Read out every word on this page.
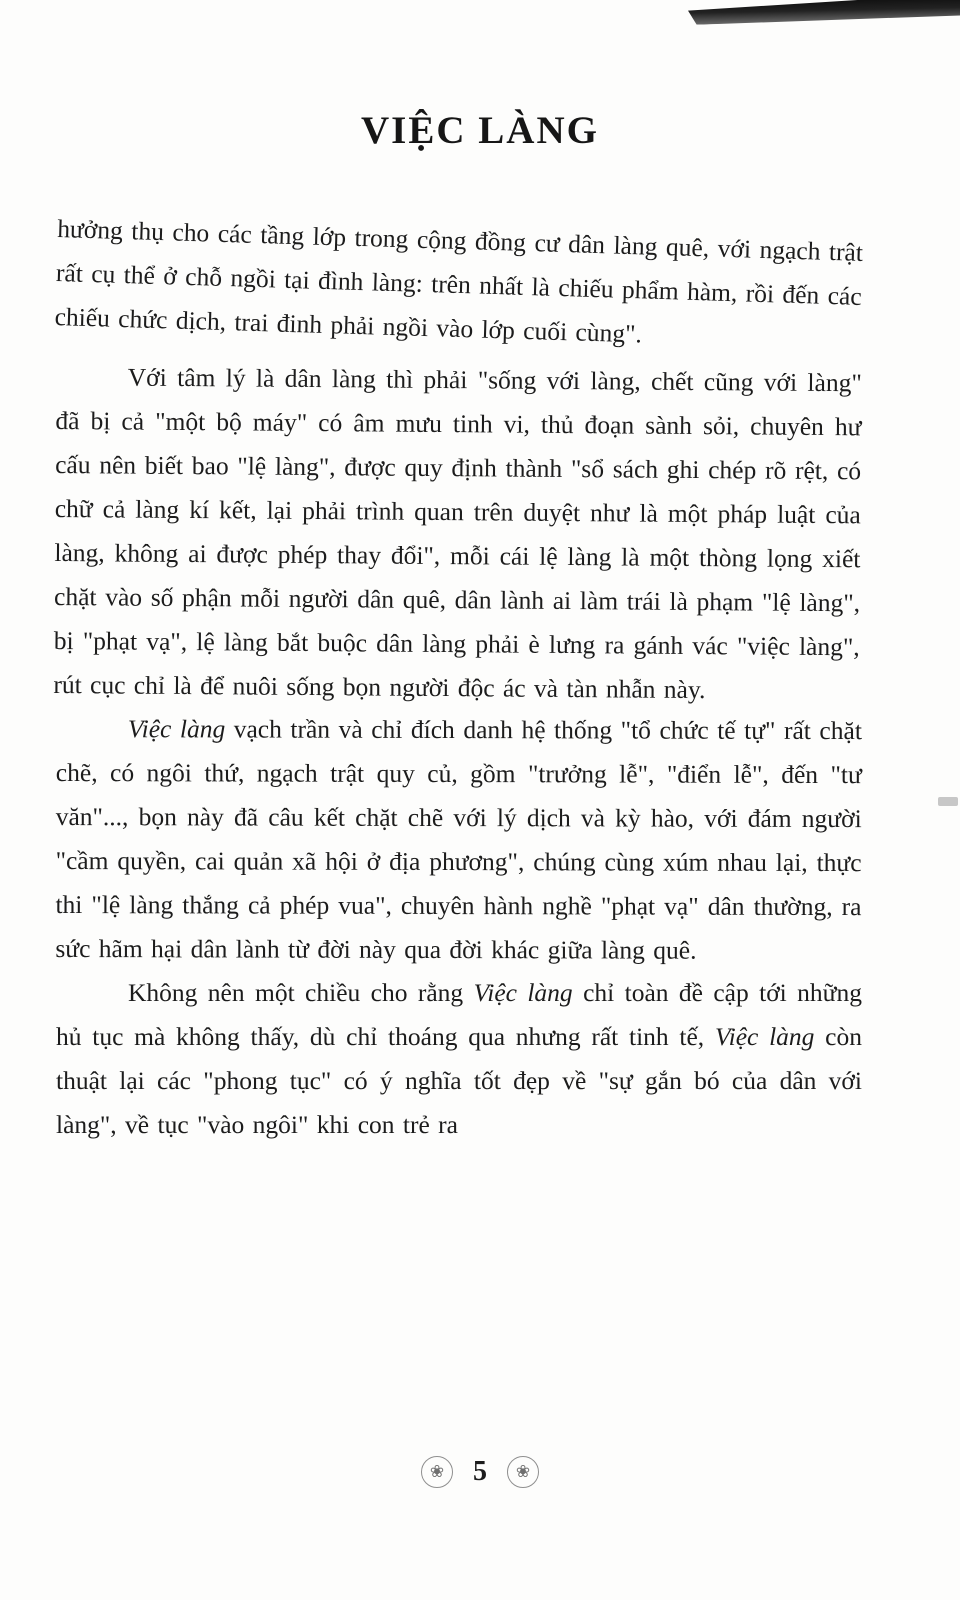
VIỆC LÀNG

hưởng thụ cho các tầng lớp trong cộng đồng cư dân làng quê, với ngạch trật rất cụ thể ở chỗ ngồi tại đình làng: trên nhất là chiếu phẩm hàm, rồi đến các chiếu chức dịch, trai đinh phải ngồi vào lớp cuối cùng".

Với tâm lý là dân làng thì phải "sống với làng, chết cũng với làng" đã bị cả "một bộ máy" có âm mưu tinh vi, thủ đoạn sành sỏi, chuyên hư cấu nên biết bao "lệ làng", được quy định thành "sổ sách ghi chép rõ rệt, có chữ cả làng kí kết, lại phải trình quan trên duyệt như là một pháp luật của làng, không ai được phép thay đổi", mỗi cái lệ làng là một thòng lọng xiết chặt vào số phận mỗi người dân quê, dân lành ai làm trái là phạm "lệ làng", bị "phạt vạ", lệ làng bắt buộc dân làng phải è lưng ra gánh vác "việc làng", rút cục chỉ là để nuôi sống bọn người độc ác và tàn nhẫn này.

Việc làng vạch trần và chỉ đích danh hệ thống "tổ chức tế tự" rất chặt chẽ, có ngôi thứ, ngạch trật quy củ, gồm "trưởng lễ", "điển lễ", đến "tư văn"..., bọn này đã câu kết chặt chẽ với lý dịch và kỳ hào, với đám người "cầm quyền, cai quản xã hội ở địa phương", chúng cùng xúm nhau lại, thực thi "lệ làng thắng cả phép vua", chuyên hành nghề "phạt vạ" dân thường, ra sức hãm hại dân lành từ đời này qua đời khác giữa làng quê.

Không nên một chiều cho rằng Việc làng chỉ toàn đề cập tới những hủ tục mà không thấy, dù chỉ thoáng qua nhưng rất tinh tế, Việc làng còn thuật lại các "phong tục" có ý nghĩa tốt đẹp về "sự gắn bó của dân với làng", về tục "vào ngôi" khi con trẻ ra

❀	5	❀
